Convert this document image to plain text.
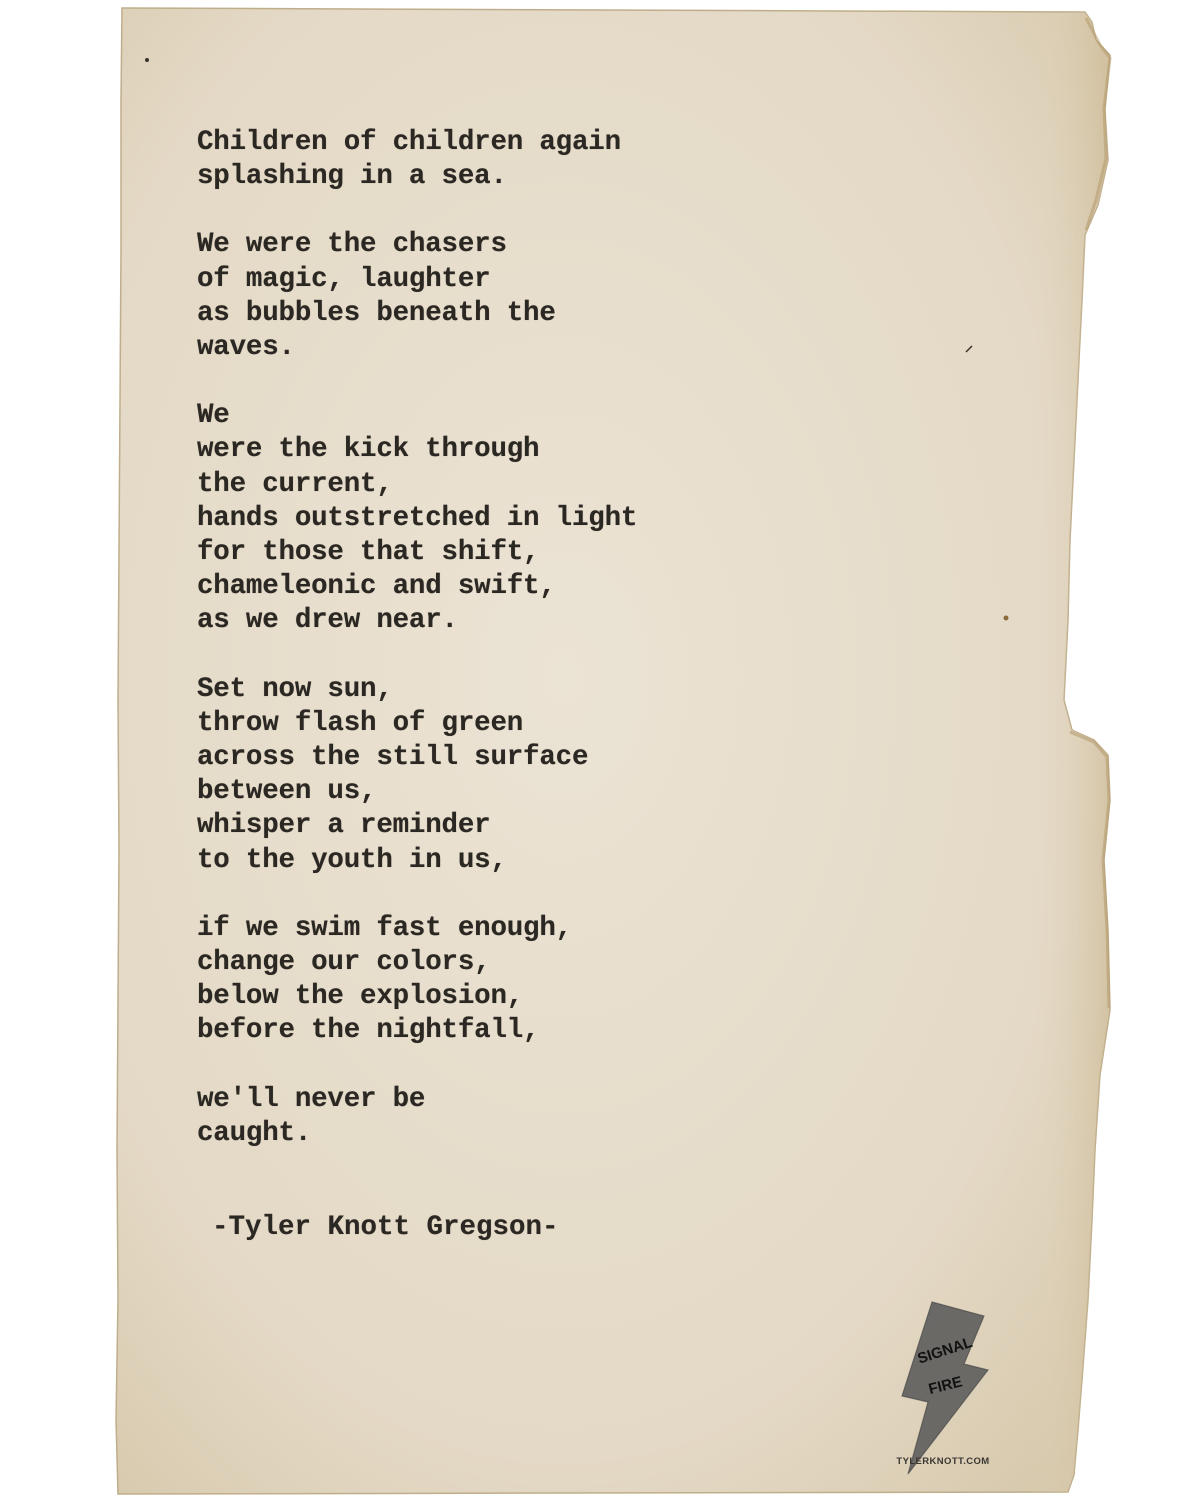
Children of children again
splashing in a sea.
We were the chasers
of magic, laughter
as bubbles beneath the
waves.
We
were the kick through
the current,
hands outstretched in light
for those that shift,
chameleonic and swift,
as we drew near.
Set now sun,
throw flash of green
across the still surface
between us,
whisper a reminder
to the youth in us,
if we swim fast enough,
change our colors,
below the explosion,
before the nightfall,
we'll never be
caught.

-Tyler Knott Gregson-

SIGNAL
FIRE
TYLERKNOTT.COM
